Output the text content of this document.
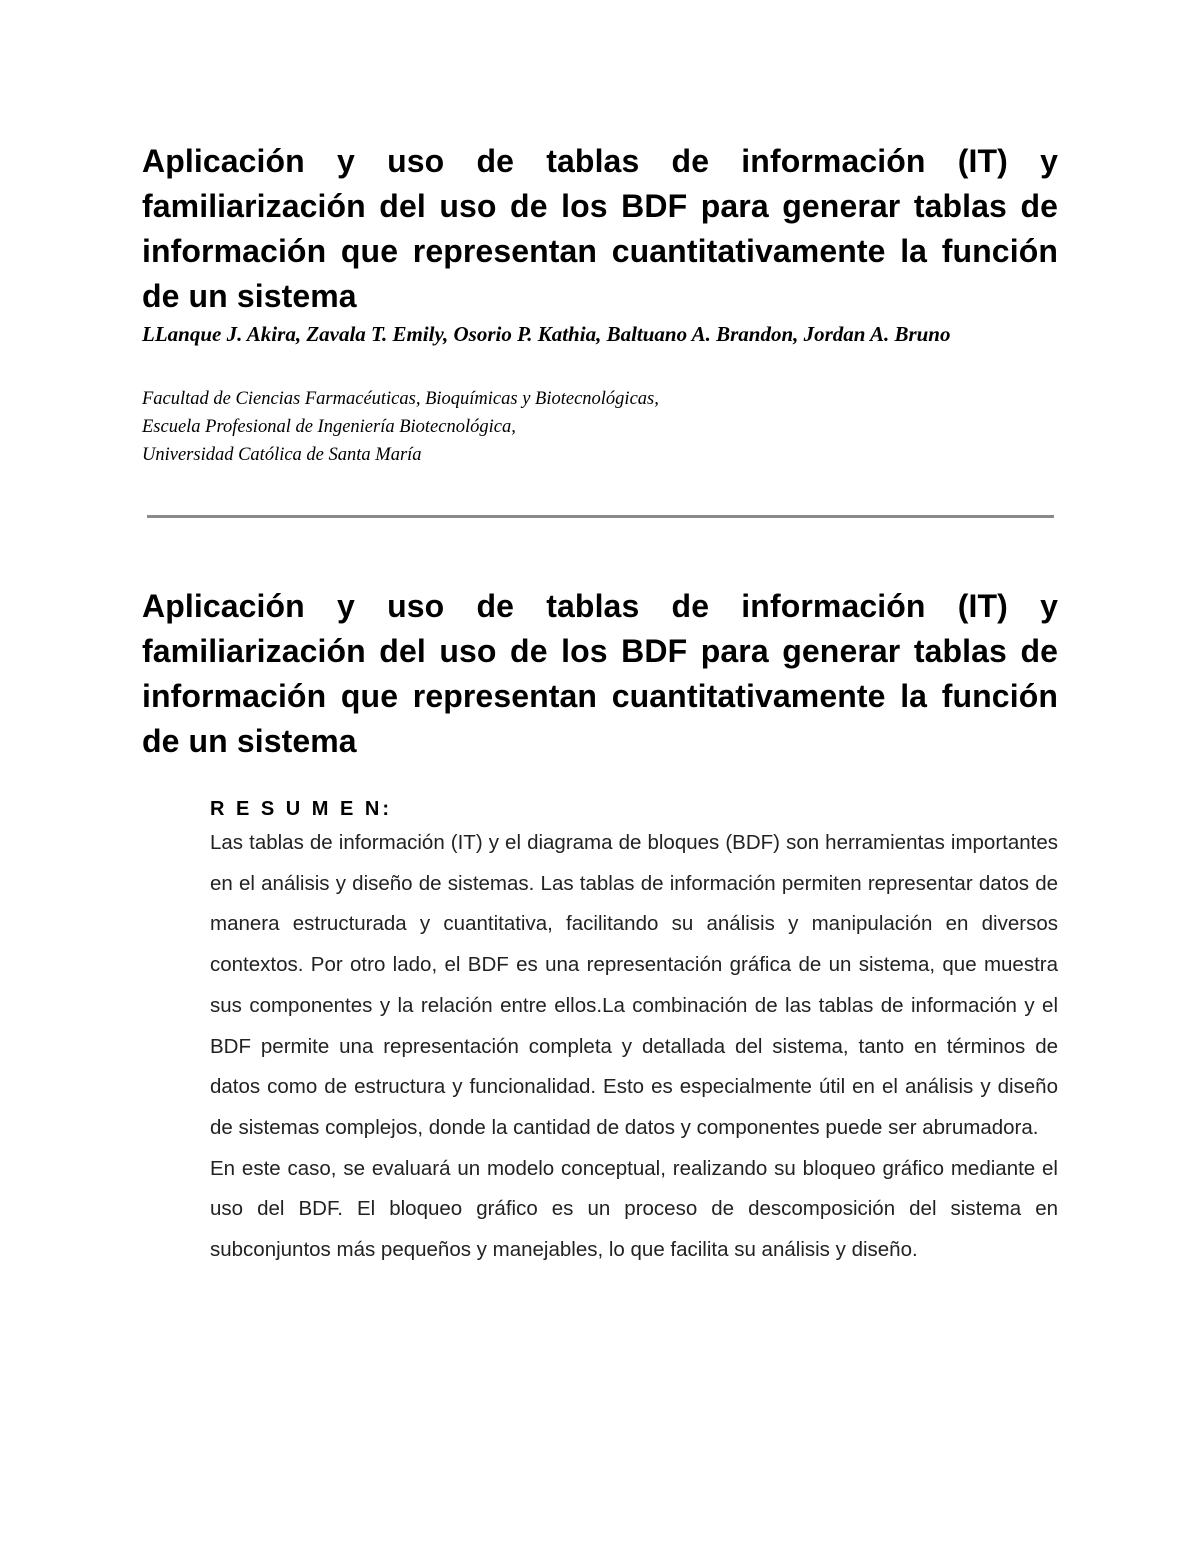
Aplicación y uso de tablas de información (IT) y familiarización del uso de los BDF para generar tablas de información que representan cuantitativamente la función de un sistema

LLanque J. Akira, Zavala T. Emily, Osorio P. Kathia, Baltuano A. Brandon, Jordan A. Bruno

Facultad de Ciencias Farmacéuticas, Bioquímicas y Biotecnológicas,
Escuela Profesional de Ingeniería Biotecnológica,
Universidad Católica de Santa María
Aplicación y uso de tablas de información (IT) y familiarización del uso de los BDF para generar tablas de información que representan cuantitativamente la función de un sistema
R E S U M E N:

Las tablas de información (IT) y el diagrama de bloques (BDF) son herramientas importantes en el análisis y diseño de sistemas. Las tablas de información permiten representar datos de manera estructurada y cuantitativa, facilitando su análisis y manipulación en diversos contextos. Por otro lado, el BDF es una representación gráfica de un sistema, que muestra sus componentes y la relación entre ellos.La combinación de las tablas de información y el BDF permite una representación completa y detallada del sistema, tanto en términos de datos como de estructura y funcionalidad. Esto es especialmente útil en el análisis y diseño de sistemas complejos, donde la cantidad de datos y componentes puede ser abrumadora.

En este caso, se evaluará un modelo conceptual, realizando su bloqueo gráfico mediante el uso del BDF. El bloqueo gráfico es un proceso de descomposición del sistema en subconjuntos más pequeños y manejables, lo que facilita su análisis y diseño.
